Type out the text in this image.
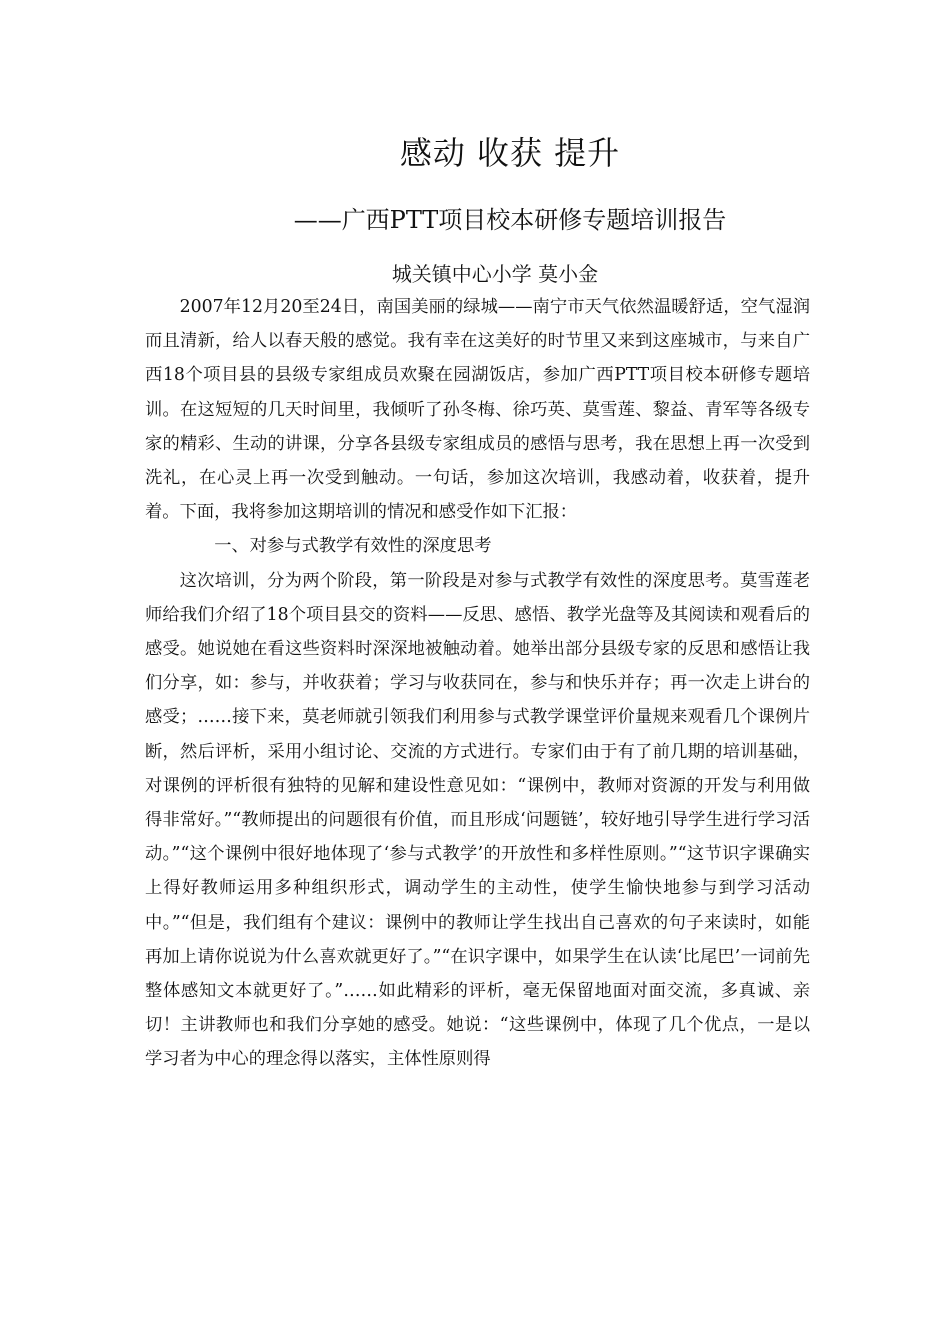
感动 收获 提升
——广西PTT项目校本研修专题培训报告
城关镇中心小学 莫小金

2007年12月20至24日，南国美丽的绿城——南宁市天气依然温暖舒适，空气湿润而且清新，给人以春天般的感觉。我有幸在这美好的时节里又来到这座城市，与来自广西18个项目县的县级专家组成员欢聚在园湖饭店，参加广西PTT项目校本研修专题培训。在这短短的几天时间里，我倾听了孙冬梅、徐巧英、莫雪莲、黎益、青军等各级专家的精彩、生动的讲课，分享各县级专家组成员的感悟与思考，我在思想上再一次受到洗礼，在心灵上再一次受到触动。一句话，参加这次培训，我感动着，收获着，提升着。下面，我将参加这期培训的情况和感受作如下汇报：

一、对参与式教学有效性的深度思考

这次培训，分为两个阶段，第一阶段是对参与式教学有效性的深度思考。莫雪莲老师给我们介绍了18个项目县交的资料——反思、感悟、教学光盘等及其阅读和观看后的感受。她说她在看这些资料时深深地被触动着。她举出部分县级专家的反思和感悟让我们分享，如：参与，并收获着；学习与收获同在，参与和快乐并存；再一次走上讲台的感受；……接下来，莫老师就引领我们利用参与式教学课堂评价量规来观看几个课例片断，然后评析，采用小组讨论、交流的方式进行。专家们由于有了前几期的培训基础，对课例的评析很有独特的见解和建设性意见如：“课例中，教师对资源的开发与利用做得非常好。”“教师提出的问题很有价值，而且形成‘问题链’，较好地引导学生进行学习活动。”“这个课例中很好地体现了‘参与式教学’的开放性和多样性原则。”“这节识字课确实上得好教师运用多种组织形式，调动学生的主动性，使学生愉快地参与到学习活动中。”“但是，我们组有个建议：课例中的教师让学生找出自己喜欢的句子来读时，如能再加上请你说说为什么喜欢就更好了。”“在识字课中，如果学生在认读‘比尾巴’一词前先整体感知文本就更好了。”……如此精彩的评析，毫无保留地面对面交流，多真诚、亲切！主讲教师也和我们分享她的感受。她说：“这些课例中，体现了几个优点，一是以学习者为中心的理念得以落实，主体性原则得
